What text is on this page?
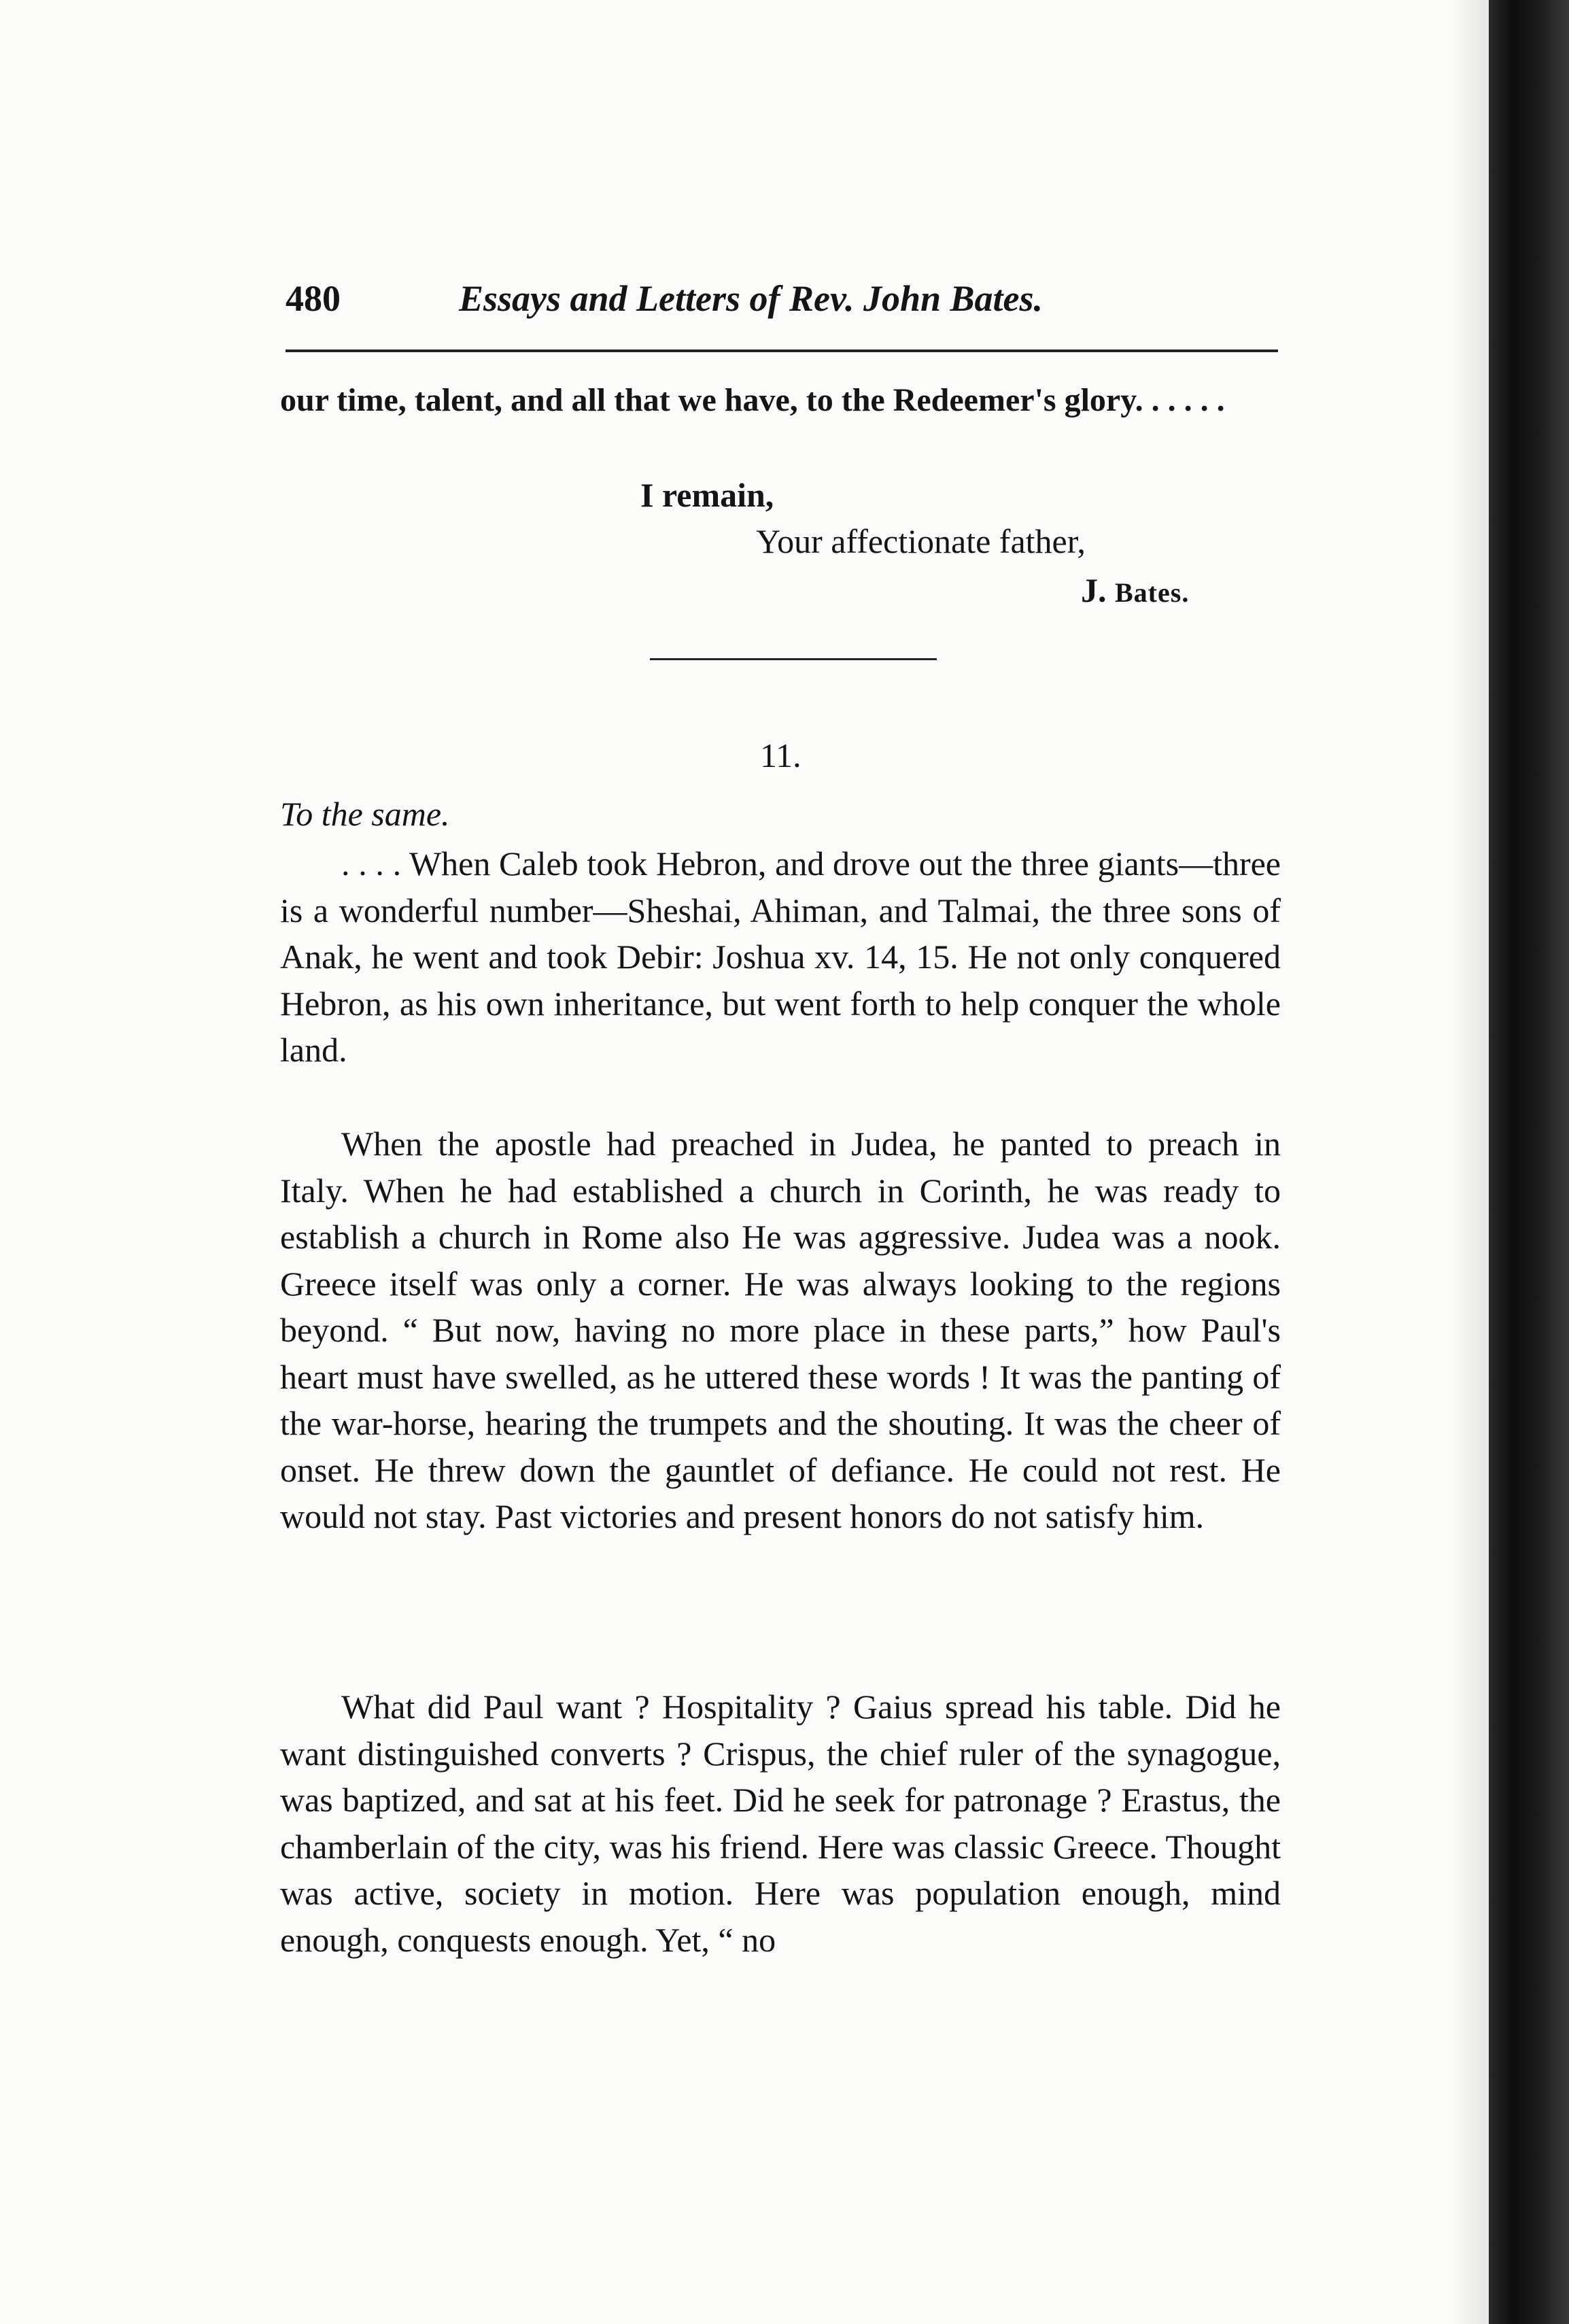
480	Essays and Letters of Rev. John Bates.

our time, talent, and all that we have, to the Redeemer's glory. . . . . .

I remain,
Your affectionate father,
J. Bates.
11.
To the same.

. . . . When Caleb took Hebron, and drove out the three giants—three is a wonderful number—Sheshai, Ahiman, and Talmai, the three sons of Anak, he went and took Debir: Joshua xv. 14, 15. He not only conquered Hebron, as his own inheritance, but went forth to help conquer the whole land.

When the apostle had preached in Judea, he panted to preach in Italy. When he had established a church in Corinth, he was ready to establish a church in Rome also He was aggressive. Judea was a nook. Greece itself was only a corner. He was always looking to the regions beyond. “ But now, having no more place in these parts,” how Paul's heart must have swelled, as he uttered these words ! It was the panting of the war-horse, hearing the trumpets and the shouting. It was the cheer of onset. He threw down the gauntlet of defiance. He could not rest. He would not stay. Past victories and present honors do not satisfy him.

What did Paul want ? Hospitality ? Gaius spread his table. Did he want distinguished converts ? Crispus, the chief ruler of the synagogue, was baptized, and sat at his feet. Did he seek for patronage ? Erastus, the chamberlain of the city, was his friend. Here was classic Greece. Thought was active, society in motion. Here was population enough, mind enough, conquests enough. Yet, “ no
